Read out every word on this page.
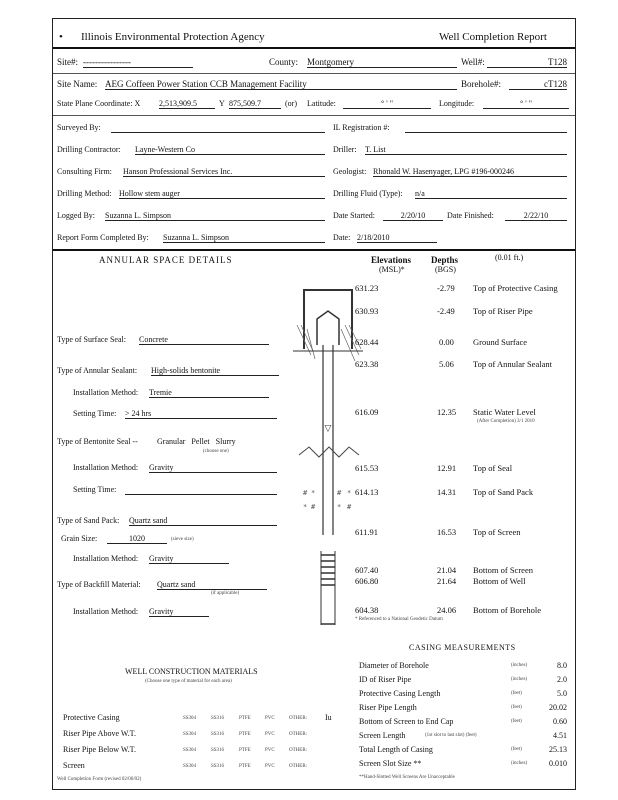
• Illinois Environmental Protection Agency	Well Completion Report
Site#: ----------------	County: Montgomery	Well#:	T128
Site Name: AEG Coffeen Power Station CCB Management Facility	Borehole#:	cT128
State Plane Coordinate: X 2,513,909.5	Y 875,509.7	(or) Latitude:	° ' "	Longitude:	° ' "
Surveyed By:
	IL Registration #:

Drilling Contractor: Layne-Western Co	Driller: T. List
Consulting Firm: Hanson Professional Services Inc.	Geologist: Rhonald W. Hasenyager, LPG #196-000246
Drilling Method: Hollow stem auger	Drilling Fluid (Type): n/a
Logged By: Suzanna L. Simpson	Date Started:	2/20/10	Date Finished:	2/22/10
Report Form Completed By: Suzanna L. Simpson	Date: 2/18/2010
ANNULAR SPACE DETAILS	Elevations
(MSL)*
Depths
(BGS)
(0.01 ft.)
Type of Surface Seal: Concrete
Type of Annular Sealant: High-solids bentonite
Installation Method: Tremie
Setting Time: > 24 hrs
Type of Bentonite Seal -- Granular Pellet Slurry
(choose one)
Installation Method: Gravity
Setting Time:

Type of Sand Pack: Quartz sand
Grain Size:	1020	(sieve size)
Installation Method: Gravity
Type of Backfill Material: Quartz sand
(if applicable)
Installation Method: Gravity
▽
# *	# *
* #	* #
631.23	-2.79 Top of Protective Casing
630.93	-2.49 Top of Riser Pipe
628.44	0.00 Ground Surface
623.38	5.06 Top of Annular Sealant
616.09	12.35 Static Water Level
(After Completion) 3/1 2010
615.53	12.91 Top of Seal
614.13	14.31 Top of Sand Pack
611.91	16.53 Top of Screen
607.40	21.04 Bottom of Screen
606.80	21.64 Bottom of Well
604.38	24.06 Bottom of Borehole
* Referenced to a National Geodetic Datum
CASING MEASUREMENTS
Diameter of Borehole	(inches)	8.0
ID of Riser Pipe	(inches)	2.0
Protective Casing Length	(feet)	5.0
Riser Pipe Length	(feet)	20.02
Bottom of Screen to End Cap	(feet)	0.60
Screen Length	(1st slot to last slot) (feet)	4.51
Total Length of Casing	(feet)	25.13
Screen Slot Size **	(inches)	0.010
**Hand-Slotted Well Screens Are Unacceptable
WELL CONSTRUCTION MATERIALS
(Choose one type of material for each area)
Protective Casing	SS304	SS316	PTFE	PVC	OTHER: Iu
Riser Pipe Above W.T.	SS304	SS316	PTFE	PVC	OTHER:
Riser Pipe Below W.T.	SS304	SS316	PTFE	PVC	OTHER:
Screen	SS304	SS316	PTFE	PVC	OTHER:
Well Completion Form (revised 02/06/02)
